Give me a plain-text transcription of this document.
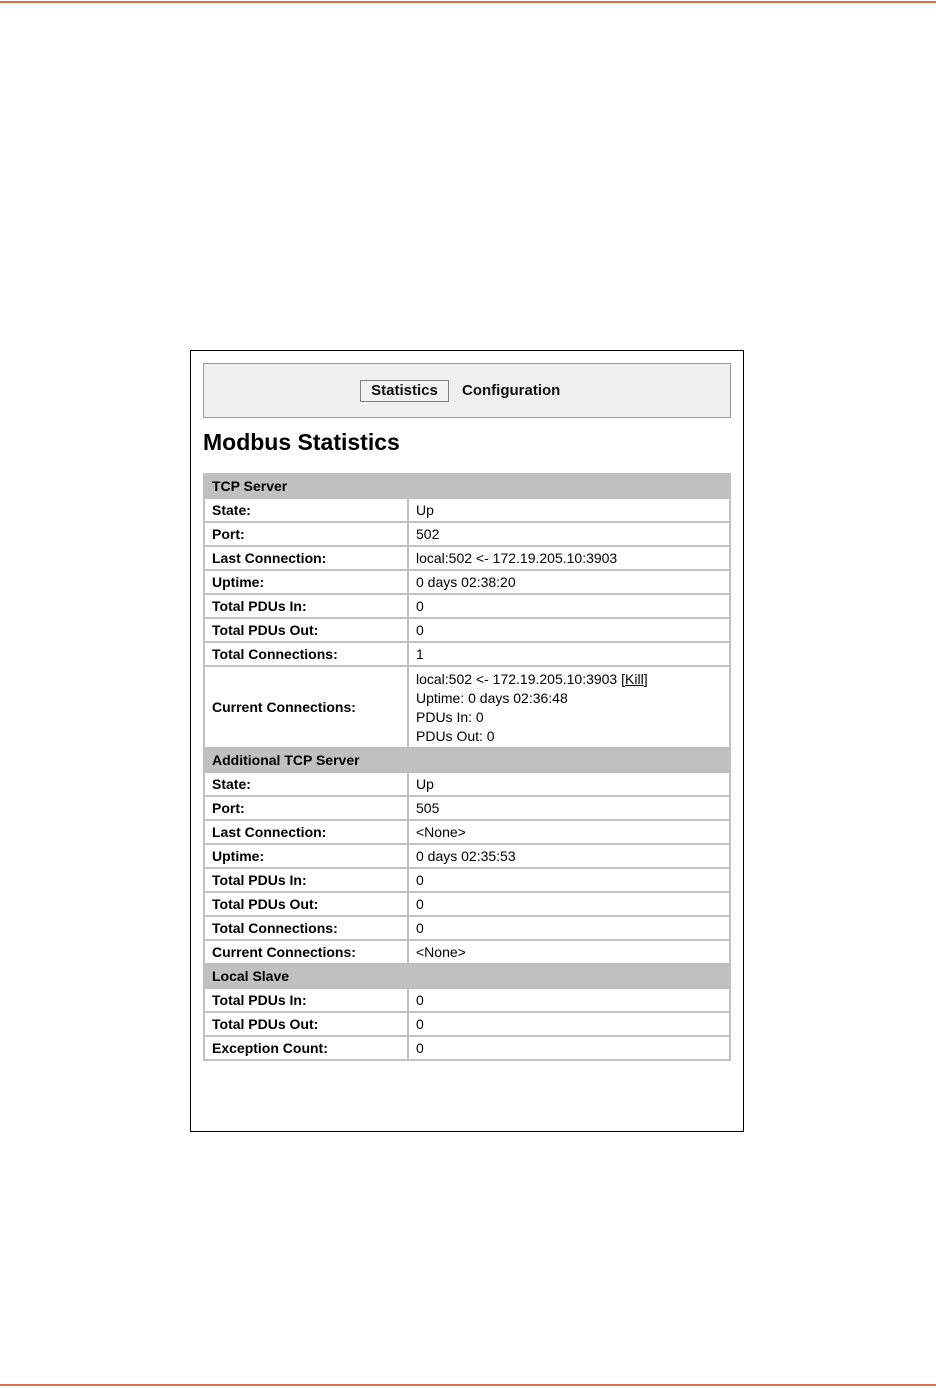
Statistics	Configuration
Modbus Statistics
TCP Server	
State:	Up
Port:	502
Last Connection:	local:502 <- 172.19.205.10:3903
Uptime:	0 days 02:38:20
Total PDUs In:	0
Total PDUs Out:	0
Total Connections:	1
Current Connections:	local:502 <- 172.19.205.10:3903 [Kill]
Uptime: 0 days 02:36:48
PDUs In: 0
PDUs Out: 0

Additional TCP Server	
State:	Up
Port:	505
Last Connection:	<None>
Uptime:	0 days 02:35:53
Total PDUs In:	0
Total PDUs Out:	0
Total Connections:	0
Current Connections:	<None>
Local Slave	
Total PDUs In:	0
Total PDUs Out:	0
Exception Count:	0
